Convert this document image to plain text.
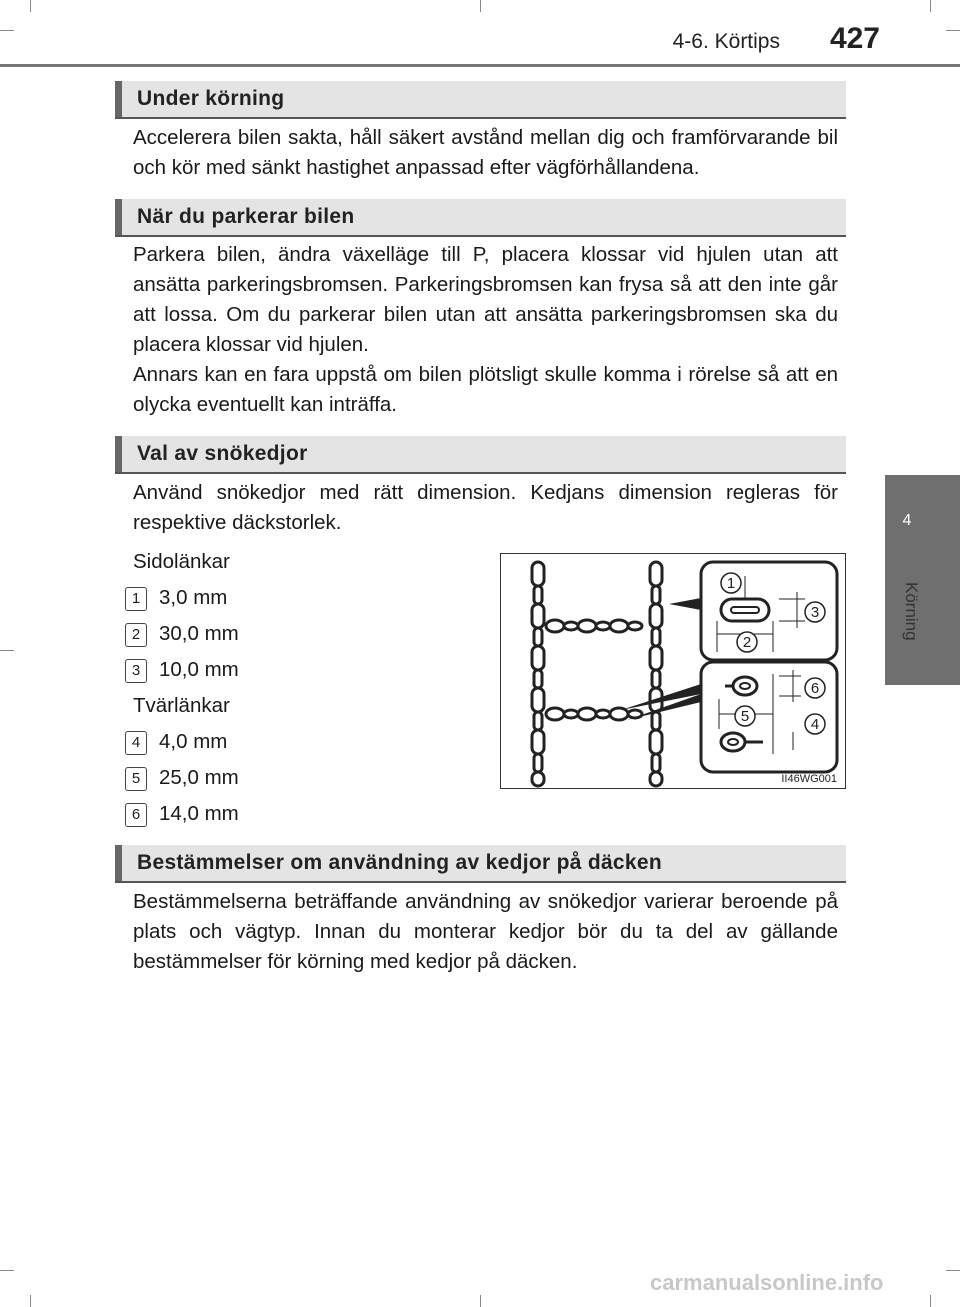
4-6. Körtips	427
4
Körning
Under körning

Accelerera bilen sakta, håll säkert avstånd mellan dig och framförvarande bil och kör med sänkt hastighet anpassad efter vägförhållandena.

När du parkerar bilen

Parkera bilen, ändra växelläge till P, placera klossar vid hjulen utan att ansätta parkeringsbromsen. Parkeringsbromsen kan frysa så att den inte går att lossa. Om du parkerar bilen utan att ansätta parkeringsbromsen ska du placera klossar vid hjulen.

Annars kan en fara uppstå om bilen plötsligt skulle komma i rörelse så att en olycka eventuellt kan inträffa.

Val av snökedjor

Använd snökedjor med rätt dimension. Kedjans dimension regleras för respektive däckstorlek.

Sidolänkar
1 3,0 mm
2 30,0 mm
3 10,0 mm
Tvärlänkar
4 4,0 mm
5 25,0 mm
6 14,0 mm
1
2
3
4
5
6
II46WG001
Bestämmelser om användning av kedjor på däcken

Bestämmelserna beträffande användning av snökedjor varierar beroende på plats och vägtyp. Innan du monterar kedjor bör du ta del av gällande bestämmelser för körning med kedjor på däcken.

carmanualsonline.info
